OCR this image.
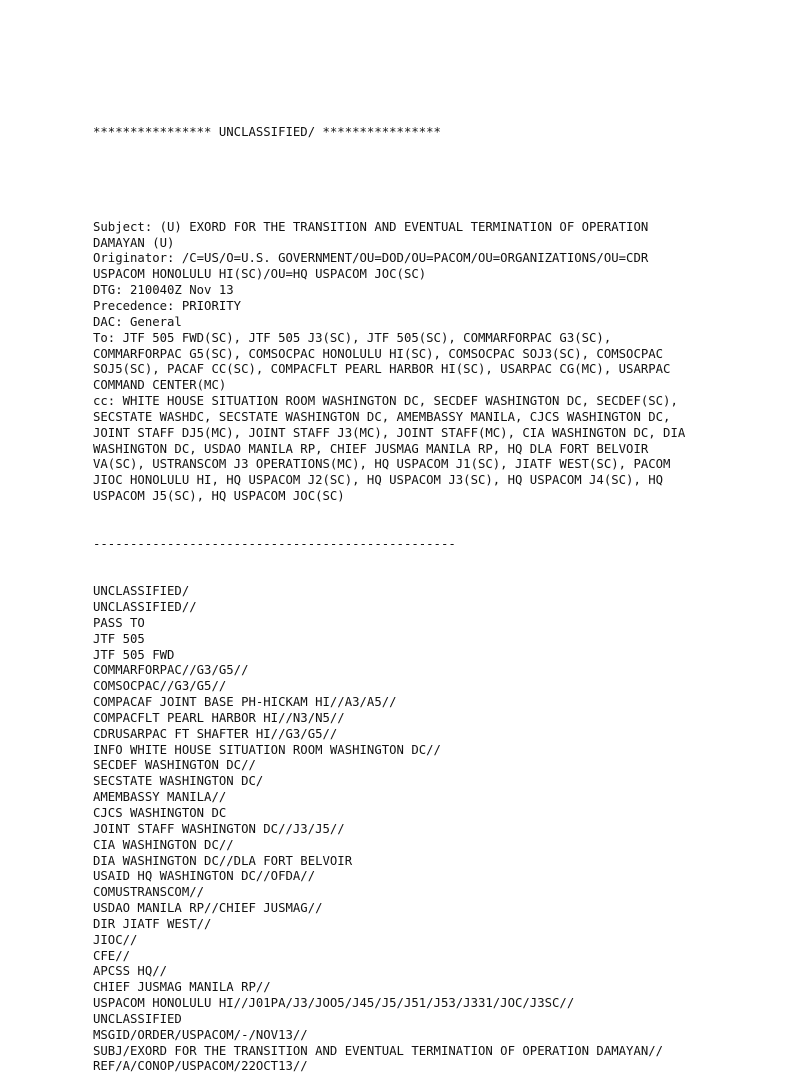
**************** UNCLASSIFIED/ ****************

Subject: (U) EXORD FOR THE TRANSITION AND EVENTUAL TERMINATION OF OPERATION
DAMAYAN (U)
Originator: /C=US/O=U.S. GOVERNMENT/OU=DOD/OU=PACOM/OU=ORGANIZATIONS/OU=CDR
USPACOM HONOLULU HI(SC)/OU=HQ USPACOM JOC(SC)
DTG: 210040Z Nov 13
Precedence: PRIORITY
DAC: General
To: JTF 505 FWD(SC), JTF 505 J3(SC), JTF 505(SC), COMMARFORPAC G3(SC),
COMMARFORPAC G5(SC), COMSOCPAC HONOLULU HI(SC), COMSOCPAC SOJ3(SC), COMSOCPAC
SOJ5(SC), PACAF CC(SC), COMPACFLT PEARL HARBOR HI(SC), USARPAC CG(MC), USARPAC
COMMAND CENTER(MC)
cc: WHITE HOUSE SITUATION ROOM WASHINGTON DC, SECDEF WASHINGTON DC, SECDEF(SC),
SECSTATE WASHDC, SECSTATE WASHINGTON DC, AMEMBASSY MANILA, CJCS WASHINGTON DC,
JOINT STAFF DJ5(MC), JOINT STAFF J3(MC), JOINT STAFF(MC), CIA WASHINGTON DC, DIA
WASHINGTON DC, USDAO MANILA RP, CHIEF JUSMAG MANILA RP, HQ DLA FORT BELVOIR
VA(SC), USTRANSCOM J3 OPERATIONS(MC), HQ USPACOM J1(SC), JIATF WEST(SC), PACOM
JIOC HONOLULU HI, HQ USPACOM J2(SC), HQ USPACOM J3(SC), HQ USPACOM J4(SC), HQ
USPACOM J5(SC), HQ USPACOM JOC(SC)

-------------------------------------------------

UNCLASSIFIED/
UNCLASSIFIED//
PASS TO
JTF 505
JTF 505 FWD
COMMARFORPAC//G3/G5//
COMSOCPAC//G3/G5//
COMPACAF JOINT BASE PH-HICKAM HI//A3/A5//
COMPACFLT PEARL HARBOR HI//N3/N5//
CDRUSARPAC FT SHAFTER HI//G3/G5//
INFO WHITE HOUSE SITUATION ROOM WASHINGTON DC//
SECDEF WASHINGTON DC//
SECSTATE WASHINGTON DC/
AMEMBASSY MANILA//
CJCS WASHINGTON DC
JOINT STAFF WASHINGTON DC//J3/J5//
CIA WASHINGTON DC//
DIA WASHINGTON DC//DLA FORT BELVOIR
USAID HQ WASHINGTON DC//OFDA//
COMUSTRANSCOM//
USDAO MANILA RP//CHIEF JUSMAG//
DIR JIATF WEST//
JIOC//
CFE//
APCSS HQ//
CHIEF JUSMAG MANILA RP//
USPACOM HONOLULU HI//J01PA/J3/JOO5/J45/J5/J51/J53/J331/JOC/J3SC//
UNCLASSIFIED
MSGID/ORDER/USPACOM/-/NOV13//
SUBJ/EXORD FOR THE TRANSITION AND EVENTUAL TERMINATION OF OPERATION DAMAYAN//
REF/A/CONOP/USPACOM/22OCT13//
